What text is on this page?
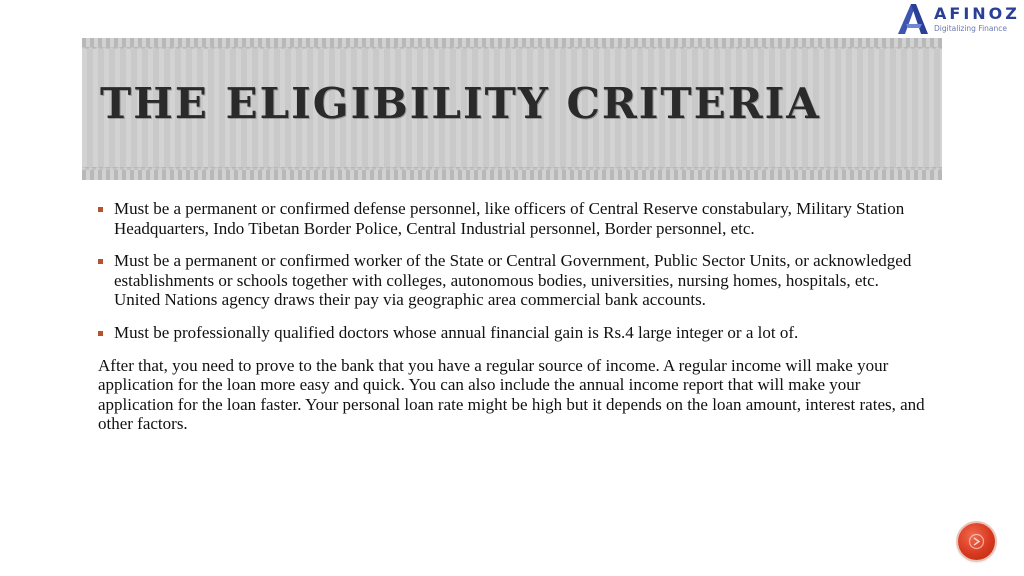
AFINOZ
Digitalizing Finance
THE ELIGIBILITY CRITERIA
Must be a permanent or confirmed defense personnel, like officers of Central Reserve constabulary, Military Station Headquarters, Indo Tibetan Border Police, Central Industrial personnel, Border personnel, etc.
Must be a permanent or confirmed worker of the State or Central Government, Public Sector Units, or acknowledged establishments or schools together with colleges, autonomous bodies, universities, nursing homes, hospitals, etc. United Nations agency draws their pay via geographic area commercial bank accounts.
Must be professionally qualified doctors whose annual financial gain is Rs.4 large integer or a lot of.

After that, you need to prove to the bank that you have a regular source of income. A regular income will make your application for the loan more easy and quick. You can also include the annual income report that will make your application for the loan faster. Your personal loan rate might be high but it depends on the loan amount, interest rates, and other factors.
